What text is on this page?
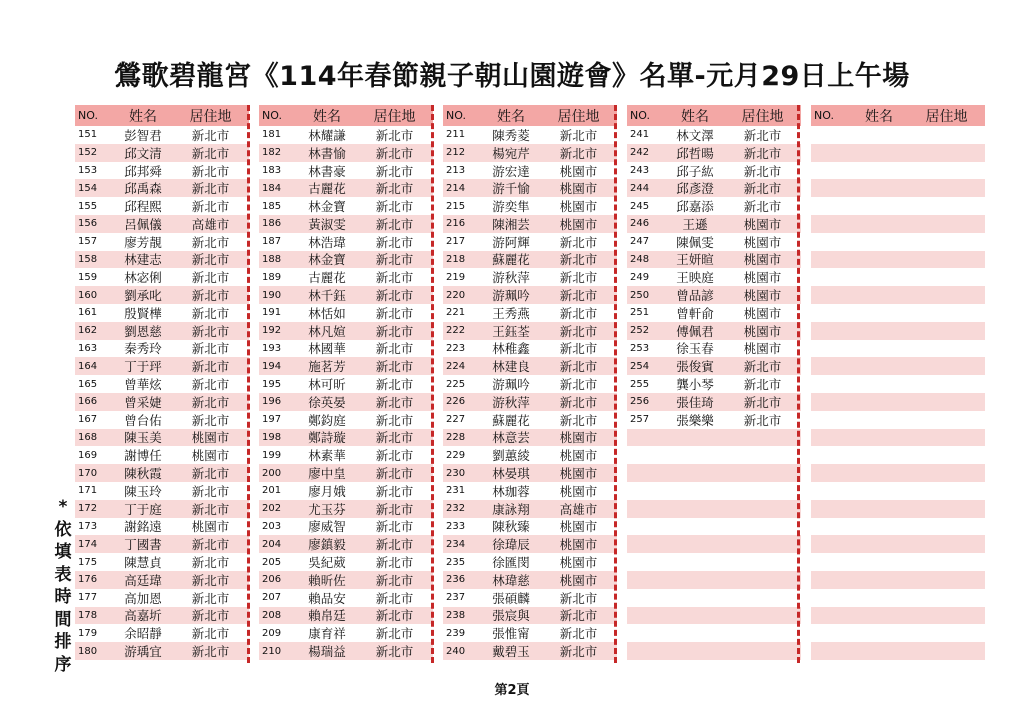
鶯歌碧龍宮《114年春節親子朝山園遊會》名單-元月29日上午場
NO.	姓名	居住地
151	彭智君	新北市
152	邱文清	新北市
153	邱邦舜	新北市
154	邱禹森	新北市
155	邱程熙	新北市
156	呂佩儀	高雄市
157	廖芳靚	新北市
158	林建志	新北市
159	林宓俐	新北市
160	劉承叱	新北市
161	殷賢樺	新北市
162	劉恩慈	新北市
163	秦秀玲	新北市
164	丁于玶	新北市
165	曾華炫	新北市
166	曾采婕	新北市
167	曾台佑	新北市
168	陳玉美	桃園市
169	謝博任	桃園市
170	陳秋霞	新北市
171	陳玉玲	新北市
172	丁于庭	新北市
173	謝銘遠	桃園市
174	丁國書	新北市
175	陳慧貞	新北市
176	高廷瑋	新北市
177	高加恩	新北市
178	高嘉圻	新北市
179	余昭靜	新北市
180	游瑀宜	新北市
NO.	姓名	居住地
181	林耀謙	新北市
182	林書愉	新北市
183	林書豪	新北市
184	古麗花	新北市
185	林金寶	新北市
186	黃淑雯	新北市
187	林浩瑋	新北市
188	林金寶	新北市
189	古麗花	新北市
190	林千鈺	新北市
191	林恬如	新北市
192	林凡媗	新北市
193	林國華	新北市
194	施茗芳	新北市
195	林可昕	新北市
196	徐英晏	新北市
197	鄭鈞庭	新北市
198	鄭詩璇	新北市
199	林素華	新北市
200	廖中皇	新北市
201	廖月娥	新北市
202	尤玉芬	新北市
203	廖威智	新北市
204	廖鎮毅	新北市
205	吳紀葳	新北市
206	賴昕佐	新北市
207	賴品安	新北市
208	賴帛廷	新北市
209	康育祥	新北市
210	楊瑞益	新北市
NO.	姓名	居住地
211	陳秀菱	新北市
212	楊宛芹	新北市
213	游宏達	桃園市
214	游千愉	桃園市
215	游奕隼	桃園市
216	陳湘芸	桃園市
217	游阿輝	新北市
218	蘇麗花	新北市
219	游秋萍	新北市
220	游珮吟	新北市
221	王秀燕	新北市
222	王鈺荃	新北市
223	林稚鑫	新北市
224	林建良	新北市
225	游珮吟	新北市
226	游秋萍	新北市
227	蘇麗花	新北市
228	林意芸	桃園市
229	劉蕙綾	桃園市
230	林晏琪	桃園市
231	林珈蓉	桃園市
232	康詠翔	高雄市
233	陳秋臻	桃園市
234	徐瑋辰	桃園市
235	徐匯閔	桃園市
236	林瑋慈	桃園市
237	張碩麟	新北市
238	張宸與	新北市
239	張惟甯	新北市
240	戴碧玉	新北市
NO.	姓名	居住地
241	林文澤	新北市
242	邱哲暘	新北市
243	邱子紘	新北市
244	邱彥澄	新北市
245	邱嘉添	新北市
246	王遜	桃園市
247	陳佩雯	桃園市
248	王妍暄	桃園市
249	王映庭	桃園市
250	曾品諺	桃園市
251	曾軒俞	桃園市
252	傅佩君	桃園市
253	徐玉春	桃園市
254	張俊賓	新北市
255	龔小琴	新北市
256	張佳琦	新北市
257	張樂樂	新北市
NO.	姓名	居住地
*依填表時間排序
第2頁
